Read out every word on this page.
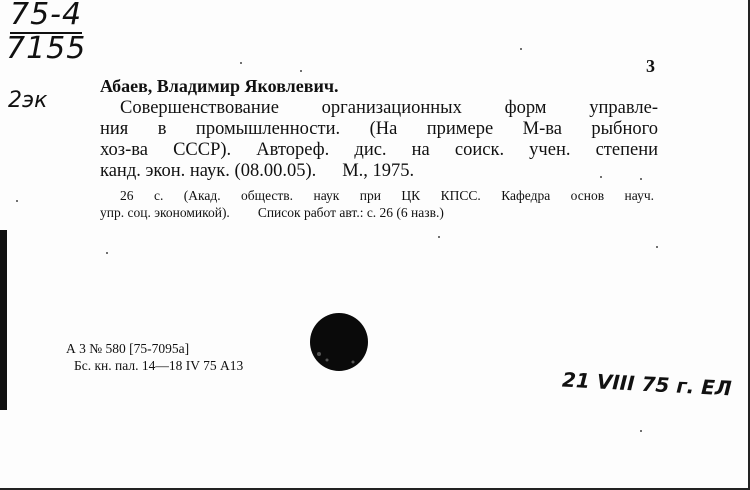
75-4
7155
2эк
3
Абаев, Владимир Яковлевич.
Совершенствование организационных форм управле-
ния в промышленности. (На примере М-ва рыбного
хоз-ва СССР). Автореф. дис. на соиск. учен. степени
канд. экон. наук. (08.00.05). М., 1975.
26 с. (Акад. обществ. наук при ЦК КПСС. Кафедра основ науч.
упр. соц. экономикой). Список работ авт.: с. 26 (6 назв.)
А 3 № 580 [75-7095а]
Бс. кн. пал. 14—18 IV 75 А13
21 VIII 75 г. ЕЛ
